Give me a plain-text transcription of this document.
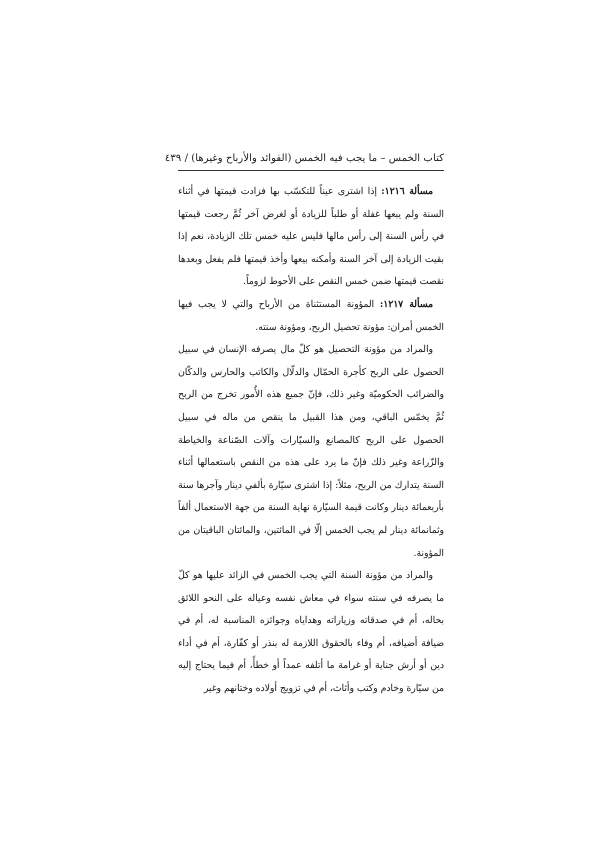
كتاب الخمس – ما يجب فيه الخمس (الفوائد والأرباح وغيرها) / ٤٣٩

مسألة ١٢١٦: إذا اشترى عيناً للتكسّب بها فزادت قيمتها في أثناء السنة ولم يبعها غفلة أو طلباً للزيادة أو لغرض آخر ثُمَّ رجعت قيمتها في رأس السنة إلى رأس مالها فليس عليه خمس تلك الزيادة، نعم إذا بقيت الزيادة إلى آخر السنة وأمكنه بيعها وأخذ قيمتها فلم يفعل وبعدها نقصت قيمتها ضمن خمس النقص على الأحوط لزوماً.

مسألة ١٢١٧: المؤونة المستثناة من الأرباح والتي لا يجب فيها الخمس أمران: مؤونة تحصيل الربح، ومؤونة سنته.

والمراد من مؤونة التحصيل هو كلّ مال يصرفه الإنسان في سبيل الحصول على الربح كأجرة الحمّال والدلّال والكاتب والحارس والدكّان والضرائب الحكوميّة وغير ذلك، فإنّ جميع هذه الأُمور تخرج من الربح ثُمَّ يخمّس الباقي، ومن هذا القبيل ما ينقص من ماله في سبيل الحصول على الربح كالمصانع والسيّارات وآلات الصّناعة والخياطة والزّراعة وغير ذلك فإنّ ما يرد على هذه من النقص باستعمالها أثناء السنة يتدارك من الربح، مثلاً: إذا اشترى سيّارة بألفي دينار وآجرها سنة بأربعمائة دينار وكانت قيمة السيّارة نهاية السنة من جهة الاستعمال ألفاً وثمانمائة دينار لم يجب الخمس إلّا في المائتين، والمائتان الباقيتان من المؤونة.

والمراد من مؤونة السنة التي يجب الخمس في الزائد عليها هو كلّ ما يصرفه في سنته سواء في معاش نفسه وعياله على النحو اللائق بحاله، أم في صدقاته وزياراته وهداياه وجوائزه المناسبة له، أم في ضيافة أضيافه، أم وفاء بالحقوق اللازمة له بنذر أو كفّارة، أم في أداء دين أو أرش جناية أو غرامة ما أتلفه عمداً أو خطأً، أم فيما يحتاج إليه من سيّارة وخادم وكتب وأثاث، أم في تزويج أولاده وختانهم وغير
